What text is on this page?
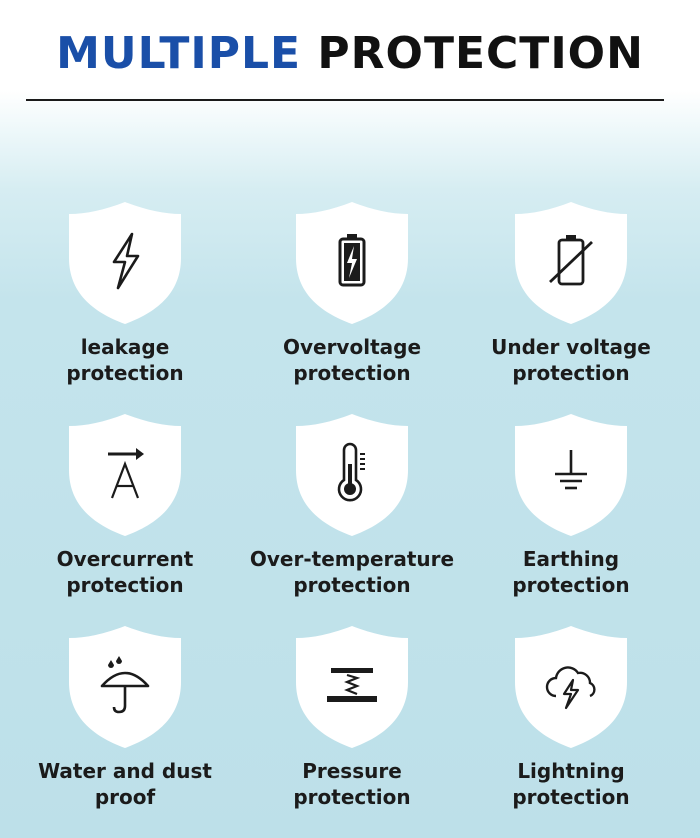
MULTIPLE PROTECTION
leakage
protection
Overvoltage
protection
Under voltage
protection
Overcurrent
protection
Over-temperature
protection
Earthing
protection
Water and dust
proof
Pressure
protection
Lightning
protection
